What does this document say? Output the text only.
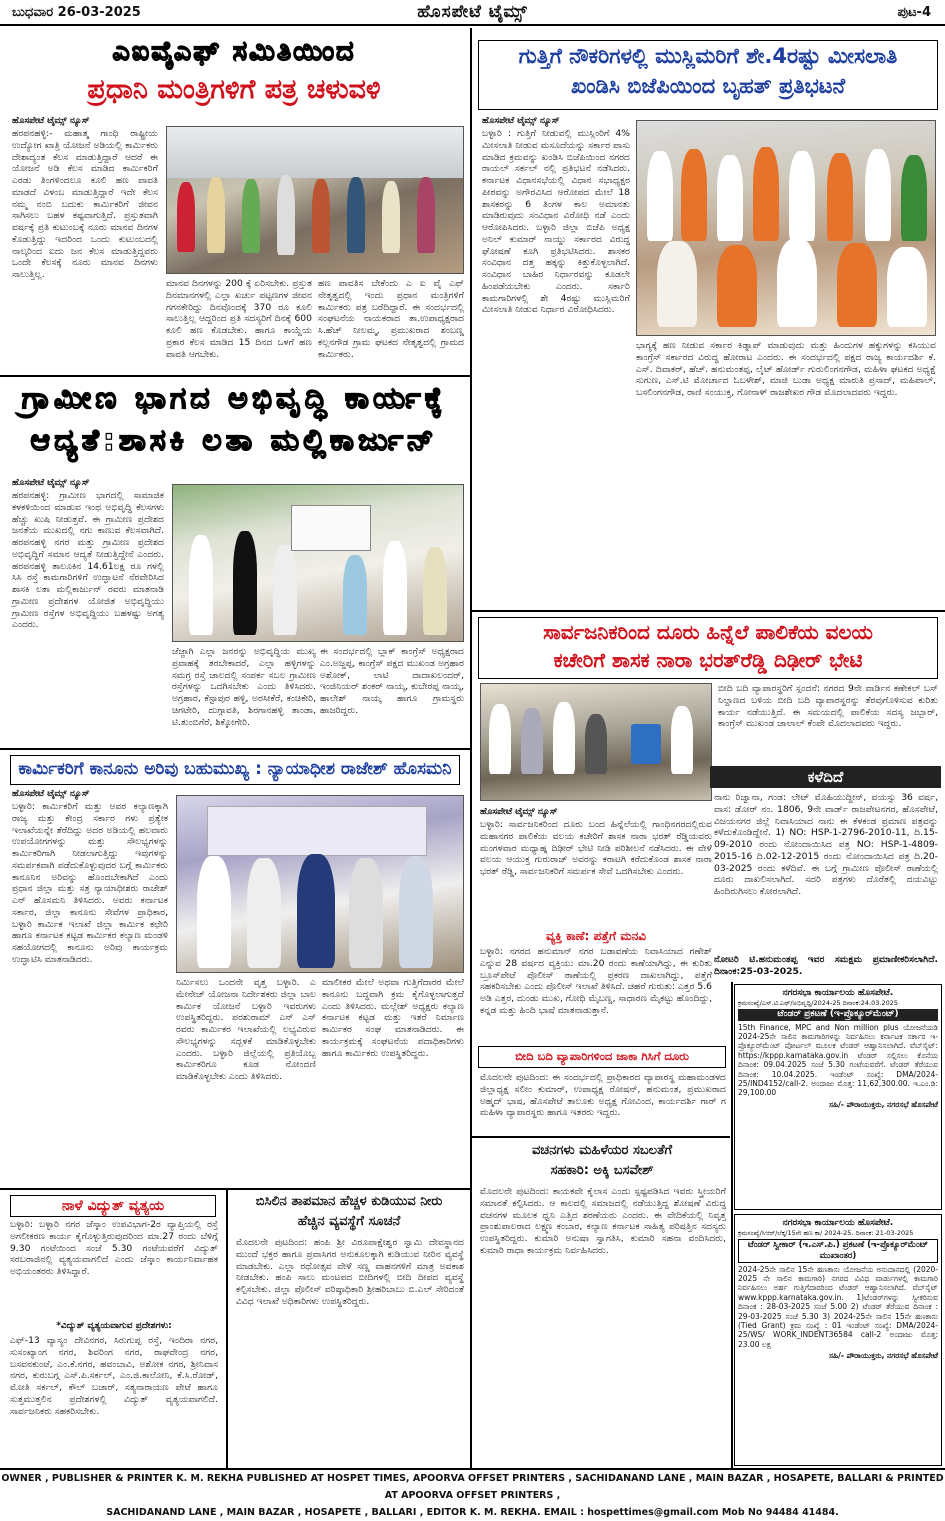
ಬುಧವಾರ 26-03-2025	ಹೊಸಪೇಟೆ ಟೈಮ್ಸ್	ಪುಟ-4
ಎಐವೈಎಫ್ ಸಮಿತಿಯಿಂದ
ಪ್ರಧಾನಿ ಮಂತ್ರಿಗಳಿಗೆ ಪತ್ರ ಚಳುವಳಿ
ಹೊಸಪೇಟೆ ಟೈಮ್ಸ್ ನ್ಯೂಸ್
ಹರಪನಹಳ್ಳಿ:- ಮಹಾತ್ಮ ಗಾಂಧಿ ರಾಷ್ಟ್ರೀಯ ಉದ್ಯೋಗ ಖಾತ್ರಿ ಯೋಜನೆ ಅಡಿಯಲ್ಲಿ ಕಾರ್ಮಿಕರು ದೇಶಾದ್ಯಂತ ಕೆಲಸ ಮಾಡುತ್ತಿದ್ದಾರೆ ಆದರೆ ಈ ಯೋಜನೆ ಅಡಿ ಕೆಲಸ ಮಾಡಿದ ಕಾರ್ಮಿಕರಿಗೆ ಎರಡು ತಿಂಗಳಿಂದಲೂ ಕೂಲಿ ಹಣ ಪಾವತಿ ಮಾಡದೆ ವಿಳಂಬ ಮಾಡುತ್ತಿದ್ದಾರೆ ಇದೇ ಕೆಲಸ ನಮ್ಮ ನಂಬಿ ಬದುಕು ಕಾರ್ಮಿಕರಿಗೆ ಜೀವನ ಸಾಗಿಸಲು ಬಹಳ ಕಷ್ಟವಾಗುತ್ತಿದೆ. ಪ್ರಸ್ತುತವಾಗಿ ವರ್ಷಕ್ಕೆ ಪ್ರತಿ ಕುಟುಂಬಕ್ಕೆ ನೂರು ಮಾನವ ದಿನಗಳ ಕೊಡುತ್ತಿದ್ದು ಇದರಿಂದ ಒಂದು ಕುಟುಂಬದಲ್ಲಿ ನಾಲ್ಕರಿಂದ ಐದು ಜನ ಕೆಲಸ ಮಾಡುತ್ತಿದ್ದವರು ಒಂದೇ ಕೆಲಸಕ್ಕೆ ನೂರು ಮಾನವ ದಿನಗಳು ಸಾಲುತ್ತಿಲ್ಲ.
ಮಾನವ ದಿನಗಳನ್ನು 200 ಕ್ಕೆ ಏರಿಸಬೇಕು. ಪ್ರಸ್ತುತ ದಿನಮಾನಗಳಲ್ಲಿ ಎಲ್ಲಾ ಖರ್ಚು ಪಟ್ಟಣಗಳ ಜೀವನ ಗಗನಕೇರಿದ್ದು ದಿನವೊಂದಕ್ಕೆ 370 ರೂ ಕೂಲಿ ಸಾಲುತ್ತಿಲ್ಲ ಆದ್ದರಿಂದ ಪ್ರತಿ ಸದಸ್ಯರಿಗೆ ದಿನಕ್ಕೆ 600 ಕೂಲಿ ಹಣ ಕೊಡಬೇಕು. ಹಾಗೂ ಕಾಯ್ದೆಯ ಪ್ರಕಾರ ಕೆಲಸ ಮಾಡಿದ 15 ದಿನದ ಒಳಗೆ ಹಣ ಪಾವತಿ ಆಗಬೇಕು.
ಹಣ ಪಾವತಿಸ ಬೇಕೆಂದು ಎ ಐ ವೈ ಎಫ್ ನೇತೃತ್ವದಲ್ಲಿ ಇಂದು ಪ್ರಧಾನ ಮಂತ್ರಿಗಳಿಗೆ ಕಾರ್ಮಿಕರು ಪತ್ರ ಬರೆದಿದ್ದಾರೆ. ಈ ಸಂದರ್ಭದಲ್ಲಿ ಸಂಘಟನೆಯ ನಾಯಕರಾದ ತಾ.ಉಪಾಧ್ಯಕ್ಷರಾದ ಸಿ.ಹೆಚ್ ನೀಲಮ್ಮ, ಪ್ರಮುಖರಾದ ಶಂಬಣ್ಣ ಕಲ್ಲನಗೌಡ ಗ್ರಾಮ ಘಟಕದ ನೇತೃತ್ವದಲ್ಲಿ ಗ್ರಾಮದ ಕಾರ್ಮಿಕರು.
ಗ್ರಾಮೀಣ ಭಾಗದ ಅಭಿವೃದ್ಧಿ ಕಾರ್ಯಕ್ಕೆ
ಆದ್ಯತೆ:ಶಾಸಕಿ ಲತಾ ಮಲ್ಲಿಕಾರ್ಜುನ್
ಹೊಸಪೇಟೆ ಟೈಮ್ಸ್ ನ್ಯೂಸ್
ಹರಪನಹಳ್ಳಿ: ಗ್ರಾಮೀಣ ಭಾಗದಲ್ಲಿ ಸಾಮಾಜಿಕ ಕಳಕಳಿಯಿಂದ ಮಾಡುವ ಇಂಥ ಅಭಿವೃದ್ಧಿ ಕೆಲಸಗಳು ಹೆಚ್ಚು ಖುಷಿ ನೀಡುತ್ತವೆ. ಈ ಗ್ರಾಮೀಣ ಪ್ರದೇಶದ ಜನತೆಯ ಮುಖದಲ್ಲಿ ನಗು ಕಾಣುವ ಕೆಲಸವಾಗಿದೆ. ಹರಪನಹಳ್ಳಿ ನಗರ ಮತ್ತು ಗ್ರಾಮೀಣ ಪ್ರದೇಶದ ಅಭಿವೃದ್ಧಿಗೆ ಸಮಾನ ಆದ್ಯತೆ ನೀಡುತ್ತಿದ್ದೇನೆ ಎಂದರು. ಹರಪನಹಳ್ಳಿ ತಾಲೂಕಿನ 14.61ಲಕ್ಷ ರೂ ಗಳಲ್ಲಿ ಸಿಸಿ ರಸ್ತೆ ಕಾಮಗಾರಿಗಳಿಗೆ ಉದ್ಘಾಟನೆ ನೆರವೇರಿಸಿದ ಶಾಸಕಿ ಲತಾ ಮಲ್ಲಿಕಾರ್ಜುನ್ ರವರು ಮಾತನಾಡಿ ಗ್ರಾಮೀಣ ಪ್ರದೇಶಗಳ ಯೋಜಿತ ಅಭಿವೃದ್ಧಿಯು ಗ್ರಾಮೀಣ ರಸ್ತೆಗಳ ಅಭಿವೃದ್ಧಿಯು ಬಹಳಷ್ಟು ಅಗತ್ಯ ಎಂದರು.
ಜೆಜ್ಜಾಗಿ ಎಲ್ಲಾ ಜನರನ್ನು ಅಭಿವೃದ್ಧಿಯ ಮುಖ್ಯ ಪ್ರವಾಹಕ್ಕೆ ತರಬೇಕಾದರೆ, ಎಲ್ಲಾ ಹಳ್ಳಿಗಳನ್ನು ಸಮಗ್ರ ರಸ್ತೆ ಜಾಲದಲ್ಲಿ ಸಂಪರ್ಕ ಸಬಲ ಗ್ರಾಮೀಣ ರಸ್ತೆಗಳನ್ನು ಒದಗಿಸಬೇಕು ಎಂದು ತಿಳಿಸಿದರು. ಅಗ್ರಹಾರ, ಕೆಸ್ಟಾಪುರ ಹಳ್ಳಿ, ಅರಸೀಕೆರೆ, ಕಂಚಿಕೇರಿ, ಚಿಗಟೇರಿ, ದುಗ್ಗಾವತಿ, ಶಿರಗಾನಹಳ್ಳಿ ತಾಂಡಾ, ಟಿ.ತುಂಬಿಗೆರೆ, ಶಿಕ್ಕೋಗೇರಿ.
ಈ ಸಂದರ್ಭದಲ್ಲಿ ಬ್ಲಾಕ್ ಕಾಂಗ್ರೆಸ್ ಅಧ್ಯಕ್ಷರಾದ ಎಂ.ಅಜ್ಜಪ್ಪ, ಕಾಂಗ್ರೆಸ್ ಪಕ್ಷದ ಮುಖಂಡ ಅಗ್ರಹಾರ ಅಶೋಕ್, ಲಾಟಿ ದಾದಾಖಲಂದರ್, ಇಂಜಿನಿಯರ್ ಶಂಕರ್ ನಾಯ್ಕ, ಕುಬೇರಪ್ಪ ನಾಯ್ಕ, ಹಾಲೇಶ್ ನಾಯ್ಕ ಹಾಗೂ ಗ್ರಾಮಸ್ಥರು ಹಾಜರಿದ್ದರು.
ಕಾರ್ಮಿಕರಿಗೆ ಕಾನೂನು ಅರಿವು ಬಹುಮುಖ್ಯ : ನ್ಯಾಯಾಧೀಶ ರಾಜೇಶ್ ಹೊಸಮನಿ
ಹೊಸಪೇಟೆ ಟೈಮ್ಸ್ ನ್ಯೂಸ್
ಬಳ್ಳಾರಿ: ಕಾರ್ಮಿಕರಿಗೆ ಮತ್ತು ಅವರ ಕಲ್ಯಾಣಕ್ಕಾಗಿ ರಾಜ್ಯ ಮತ್ತು ಕೇಂದ್ರ ಸರ್ಕಾರ ಗಳು ಪ್ರತ್ಯೇಕ ಇಲಾಖೆಯನ್ನೇ ತೆರೆದಿದ್ದು ಅದರ ಅಡಿಯಲ್ಲಿ ಹಲವಾರು ಉಪಯೋಗಗಳನ್ನು ಮತ್ತು ಸೌಲಭ್ಯಗಳನ್ನು ಕಾರ್ಮಿಕರಿಗಾಗಿ ನೀಡಲಾಗುತ್ತಿದ್ದು ಇವುಗಳನ್ನು ಸಮರ್ಪಕವಾಗಿ ಪಡೆದುಕೊಳ್ಳುವುದರ ಬಗ್ಗೆ ಕಾರ್ಮಿಕರು ಕಾನೂನಿನ ಅರಿವನ್ನು ಹೊಂದಬೇಕಾಗಿದೆ ಎಂದು ಪ್ರಧಾನ ಜಿಲ್ಲಾ ಮತ್ತು ಸತ್ರ ನ್ಯಾಯಾಧೀಶರು ರಾಜೇಶ್ ಎನ್ ಹೊಸಮನಿ ತಿಳಿಸಿದರು. ಅವರು ಕರ್ನಾಟಕ ಸರ್ಕಾರ, ಜಿಲ್ಲಾ ಕಾನೂನು ಸೇವೆಗಳ ಪ್ರಾಧಿಕಾರ, ಬಳ್ಳಾರಿ ಕಾರ್ಮಿಕ ಇಲಾಖೆ ಜಿಲ್ಲಾ ಕಾರ್ಮಿಕ ಕಛೇರಿ ಹಾಗೂ ಕರ್ನಾಟಕ ಕಟ್ಟಡ ಕಾರ್ಮಿಕರ ಕಲ್ಯಾಣ ಮಂಡಳಿ ಸಹಯೋಗದಲ್ಲಿ ಕಾನೂನು ಅರಿವು ಕಾರ್ಯಕ್ರಮ ಉದ್ಘಾಟಿಸಿ ಮಾತನಾಡಿದರು.
ನಿರ್ಮಿಸಲು ಒಂದನೇ ವೃತ್ತ ಬಳ್ಳಾರಿ. ಎ ಮೇನೇಜ್ ಯೋಜನಾ ನಿರ್ದೇಶಕರು ಜಿಲ್ಲಾ ಬಾಲ ಕಾರ್ಮಿಕ ಯೋಜನೆ ಬಳ್ಳಾರಿ ಇವರುಗಳು ಉಪಸ್ಥಿತರಿದ್ದರು. ಪರಶುರಾಮ್ ಎನ್ ಎಸ್ ರವರು ಕಾರ್ಮಿಕರ ಇಲಾಖೆಯಲ್ಲಿ ಲಭ್ಯವಿರುವ ಸೌಲಭ್ಯಗಳನ್ನು ಸದ್ಬಳಕೆ ಮಾಡಿಕೊಳ್ಳಬೇಕು ಎಂದರು. ಬಳ್ಳಾರಿ ಜಿಲ್ಲೆಯಲ್ಲಿ ಪ್ರತಿಯೊಬ್ಬ ಕಾರ್ಮಿಕರಿಗೂ ಕೂಡ ನೋಂದಣಿ ಮಾಡಿಕೊಳ್ಳಬೇಕು ಎಂದು ತಿಳಿಸಿದರು.
ಮಾಲೀಕರ ಮೇಲೆ ಅಥವಾ ಗುತ್ತಿಗೆದಾರರ ಮೇಲೆ ಕಾನೂನು ಬದ್ಧವಾಗಿ ಕ್ರಮ ಕೈಗೊಳ್ಳಲಾಗುತ್ತದೆ ಎಂದು ತಿಳಿಸಿದರು. ಮಲ್ಲೇಶ್ ಅಧ್ಯಕ್ಷರು ಕಲ್ಯಾಣ ಕರ್ನಾಟಕ ಕಟ್ಟಡ ಮತ್ತು ಇತರೆ ನಿರ್ಮಾಣ ಕಾರ್ಮಿಕರ ಸಂಘ ಮಾತನಾಡಿದರು. ಈ ಕಾರ್ಯಕ್ರಮಕ್ಕೆ ಸಂಘಟನೆಯ ಪದಾಧಿಕಾರಿಗಳು ಹಾಗೂ ಕಾರ್ಮಿಕರು ಉಪಸ್ಥಿತರಿದ್ದರು.
ನಾಳೆ ವಿದ್ಯುತ್ ವ್ಯತ್ಯಯ
ಬಳ್ಳಾರಿ: ಬಳ್ಳಾರಿ ನಗರ ಜೆಸ್ಕಾಂ ಉಪವಿಭಾಗ-2ರ ವ್ಯಾಪ್ತಿಯಲ್ಲಿ ರಸ್ತೆ ಅಗಲೀಕರಣ ಕಾರ್ಯ ಕೈಗೊಳ್ಳುತ್ತಿರುವುದರಿಂದ ಮಾ.27 ರಂದು ಬೆಳಿಗ್ಗೆ 9.30 ಗಂಟೆಯಿಂದ ಸಂಜೆ 5.30 ಗಂಟೆಯವರೆಗೆ ವಿದ್ಯುತ್ ಸರಬರಾಜಿನಲ್ಲಿ ವ್ಯತ್ಯಯವಾಗಲಿದೆ ಎಂದು ಜೆಸ್ಕಾಂ ಕಾರ್ಯನಿರ್ವಾಹಕ ಅಭಿಯಂತರರು ತಿಳಿಸಿದ್ದಾರೆ.
*ವಿದ್ಯುತ್ ವ್ಯತ್ಯಯವಾಗುವ ಪ್ರದೇಶಗಳು:
ಎಫ್-13 ವ್ಯಾಸ್ಯಂ ದೇವಿನಗರ, ಸಿರುಗುಪ್ಪ ರಸ್ತೆ, ಇಂದಿರಾ ನಗರ, ಸುಸಂಖ್ಯಾಂಗ ನಗರ, ಶಿವರಿಂಗ ನಗರ, ರಾಘವೇಂದ್ರ ನಗರ, ಬಸವನಕುಂಟೆ, ಎಂ.ಕೆ.ನಗರ, ಹವಂಬಾವಿ, ಅಶೋಕ ನಗರ, ಶ್ರೀನಿವಾಸ ನಗರ, ಕುರುಬಗ್ಗ ಎಸ್.ಪಿ.ಸರ್ಕಲ್, ಎಂ.ಜಿ.ಕಾಲೋನಿ, ಕೆ.ಸಿ.ರೋಡ್, ಮೋತಿ ಸರ್ಕಲ್, ಕೌಲ್ ಬಜಾರ್, ಸತ್ಯನಾರಾಯಣ ಪೇಟೆ ಹಾಗೂ ಸುತ್ತಮುತ್ತಲಿನ ಪ್ರದೇಶಗಳಲ್ಲಿ ವಿದ್ಯುತ್ ವ್ಯತ್ಯಯವಾಗಲಿದೆ. ಸಾರ್ವಜನಿಕರು ಸಹಕರಿಸಬೇಕು.
ಬಿಸಿಲಿನ ತಾಪಮಾನ ಹೆಚ್ಚಳ ಕುಡಿಯುವ ನೀರು
ಹೆಚ್ಚಿನ ವ್ಯವಸ್ಥೆಗೆ ಸೂಚನೆ
ಮೊದಲನೇ ಪುಟದಿಂದ: ಹಂಪಿ ಶ್ರೀ ವಿರೂಪಾಕ್ಷೇಶ್ವರ ಸ್ವಾಮಿ ದೇವಸ್ಥಾನದ ಮುಂದೆ ಭಕ್ತರ ಹಾಗೂ ಪ್ರವಾಸಿಗರ ಅನುಕೂಲಕ್ಕಾಗಿ ಕುಡಿಯುವ ನೀರಿನ ವ್ಯವಸ್ಥೆ ಮಾಡಬೇಕು. ಎಲ್ಲಾ ರಥೋತ್ಸವ ವೇಳೆ ಸಣ್ಣ ವಾಹನಗಳಿಗೆ ಮಾತ್ರ ಅವಕಾಶ ನೀಡಬೇಕು. ಹಂಪಿ ಸಾಲು ಮಂಟಪದ ಬೀದಿಗಳಲ್ಲಿ ಬೀದಿ ದೀಪದ ವ್ಯವಸ್ಥೆ ಕಲ್ಪಿಸಬೇಕು. ಜಿಲ್ಲಾ ಪೊಲೀಸ್ ವರಿಷ್ಠಾಧಿಕಾರಿ ಶ್ರೀಹರಿಬಾಬು ಬಿ.ಎಲ್ ಸೇರಿದಂತೆ ವಿವಿಧ ಇಲಾಖೆ ಅಧಿಕಾರಿಗಳು ಉಪಸ್ಥಿತರಿದ್ದರು.
ಗುತ್ತಿಗೆ ನೌಕರಿಗಳಲ್ಲಿ ಮುಸ್ಲಿಮರಿಗೆ ಶೇ.4ರಷ್ಟು ಮೀಸಲಾತಿ
ಖಂಡಿಸಿ ಬಿಜೆಪಿಯಿಂದ ಬೃಹತ್ ಪ್ರತಿಭಟನೆ
ಹೊಸಪೇಟೆ ಟೈಮ್ಸ್ ನ್ಯೂಸ್
ಬಳ್ಳಾರಿ : ಗುತ್ತಿಗೆ ನೀಡುವಲ್ಲಿ ಮುಸ್ಲಿಂರಿಗೆ 4% ಮೀಸಲಾತಿ ನೀಡುವ ಮಸೂದೆಯನ್ನು ಸರ್ಕಾರ ಪಾಸು ಮಾಡಿದ ಕ್ರಮವನ್ನು ಖಂಡಿಸಿ ಬಿಜೆಪಿಯಿಂದ ನಗರದ ರಾಯಲ್ ಸರ್ಕಲ್ ನಲ್ಲಿ ಪ್ರತಿಭಟನೆ ನಡೆಸಿದರು. ಕರ್ನಾಟಕ ವಿಧಾನಸಭೆಯಲ್ಲಿ ವಿಧಾನ ಸಭಾಧ್ಯಕ್ಷರ ಪೀಠವನ್ನು ಅಗೌರವಿಸಿದ ಆರೋಪದ ಮೇಲೆ 18 ಶಾಸಕರನ್ನು 6 ತಿಂಗಳ ಕಾಲ ಅಮಾನತು ಮಾಡಿರುವುದು ಸಂವಿಧಾನ ವಿರೋಧಿ ನಡೆ ಎಂದು ಆರೋಪಿಸಿದರು. ಬಳ್ಳಾರಿ ಜಿಲ್ಲಾ ಬಿಜೆಪಿ ಅಧ್ಯಕ್ಷ ಅನಿಲ್ ಕುಮಾರ್ ನಾಯ್ಡು ಸರ್ಕಾರದ ವಿರುದ್ಧ ಘೋಷಣೆ ಕೂಗಿ ಪ್ರತಿಭಟಿಸಿದರು. ಶಾಸಕರ ಸಂವಿಧಾನ ದತ್ತ ಹಕ್ಕನ್ನು ಕಿತ್ತುಕೊಳ್ಳಲಾಗಿದೆ. ಸಂವಿಧಾನ ಬಾಹಿರ ನಿರ್ಧಾರವನ್ನು ಕೂಡಲೇ ಹಿಂಪಡೆಯಬೇಕು ಎಂದರು. ಸರ್ಕಾರಿ ಕಾಮಗಾರಿಗಳಲ್ಲಿ ಶೇ 4ರಷ್ಟು ಮುಸ್ಲಿಮರಿಗೆ ಮೀಸಲಾತಿ ನೀಡುವ ನಿರ್ಧಾರ ವಿರೋಧಿಸಿದರು.
ಭಾಗ್ಯಕ್ಕೆ ಹಣ ನೀಡುವ ಸರ್ಕಾರ ಕಿಡ್ನಾಪ್ ಮಾಡುವುದು ಮತ್ತು ಹಿಂದುಗಳ ಹಕ್ಕುಗಳನ್ನು ಕಸಿಯುವ ಕಾಂಗ್ರೆಸ್ ಸರ್ಕಾರದ ವಿರುದ್ಧ ಹೋರಾಟ ಎಂದರು. ಈ ಸಂದರ್ಭದಲ್ಲಿ ಪಕ್ಷದ ರಾಜ್ಯ ಕಾರ್ಯದರ್ಶಿ ಕೆ. ಎಸ್. ದಿವಾಕರ್, ಹೆಚ್. ಹನುಮಂತಪ್ಪ, ಲೈಟ್ ಹೋರ್ಡ್ ಗುರುಲಿಂಗನಗೌಡ, ಮಹಿಳಾ ಘಟಕದ ಅಧ್ಯಕ್ಷೆ ಸುಗುಣ, ಎಸ್.ಟಿ ಮೋರ್ಚಾದ ಓಬಳೇಶ್, ಮಾಜಿ ಬುಡಾ ಅಧ್ಯಕ್ಷ ಮಾರುತಿ ಪ್ರಸಾದ್, ಮಹಿಪಾಲ್, ಬಸಲಿಂಗನಗೌಡ, ರಾಣಿ ಸಂಯುಕ್ತ, ಗೋನಾಳ್ ರಾಜಶೇಖರ ಗೌಡ ಮೊದಲಾದವರು ಇದ್ದರು.
ಸಾರ್ವಜನಿಕರಿಂದ ದೂರು ಹಿನ್ನೆಲೆ ಪಾಲಿಕೆಯ ವಲಯ
ಕಚೇರಿಗೆ ಶಾಸಕ ನಾರಾ ಭರತ್‌ರೆಡ್ಡಿ ದಿಢೀರ್ ಭೇಟಿ
ಹೊಸಪೇಟೆ ಟೈಮ್ಸ್ ನ್ಯೂಸ್
ಬಳ್ಳಾರಿ: ಸಾರ್ವಜನಿಕರಿಂದ ದೂರು ಬಂದ ಹಿನ್ನೆಲೆಯಲ್ಲಿ ಗಾಂಧಿನಗರದಲ್ಲಿರುವ ಮಹಾನಗರ ಪಾಲಿಕೆಯ ವಲಯ ಕಚೇರಿಗೆ ಶಾಸಕ ನಾರಾ ಭರತ್ ರೆಡ್ಡಿಯವರು ಮಂಗಳವಾರ ಮಧ್ಯಾಹ್ನ ದಿಢೀರ್ ಭೇಟಿ ನೀಡಿ ಪರಿಶೀಲನೆ ನಡೆಸಿದರು. ಈ ವೇಳೆ ವಲಯ ಆಯುಕ್ತ ಗುರುರಾಜ್ ಅವರನ್ನು ಕರಾಟಗಿ ಕರೆದುಕೊಂಡ ಶಾಸಕ ನಾರಾ ಭರತ್ ರೆಡ್ಡಿ, ಸಾರ್ವಜನಿಕರಿಗೆ ಸಮರ್ಪಕ ಸೇವೆ ಒದಗಿಸಬೇಕು ಎಂದರು.
ಬೀದಿ ಬದಿ ವ್ಯಾಪಾರಸ್ಥರಿಗೆ ಸ್ಪಂದನೆ: ನಗರದ 9ನೇ ವಾರ್ಡಿನ ಕಣೇಕಲ್ ಬಸ್ ನಿಲ್ದಾಣದ ಬಳಿಯ ಬೀದಿ ಬದಿ ವ್ಯಾಪಾರಸ್ಥರನ್ನು ತೆರವುಗೊಳಿಸುವ ಕುರಿತು ಕಾರ್ಯ ನಡೆಯುತ್ತಿದೆ. ಈ ಸಮಯದಲ್ಲಿ ಪಾಲಿಕೆಯ ಸದಸ್ಯ ಜಬ್ಬಾರ್, ಕಾಂಗ್ರೆಸ್ ಮುಖಂಡ ಜಾಲಾಲ್ ಕೆಂಪೇ ಮೊದಲಾದವರು ಇದ್ದರು.
ವ್ಯಕ್ತಿ ಕಾಣೆ: ಪತ್ತೆಗೆ ಮನವಿ
ಬಳ್ಳಾರಿ: ನಗರದ ಹನುಮಾನ್ ನಗರ ಬಡಾವಣೆಯ ನಿವಾಸಿಯಾದ ಗಣೇಶ್ ಎನ್ನುವ 28 ವರ್ಷದ ವ್ಯಕ್ತಿಯು ಮಾ.20 ರಂದು ಕಾಣೆಯಾಗಿದ್ದು, ಈ ಕುರಿತು ಬ್ರೂಸ್‌ಪೇಟೆ ಪೊಲೀಸ್ ಠಾಣೆಯಲ್ಲಿ ಪ್ರಕರಣ ದಾಖಲಾಗಿದ್ದು, ಪತ್ತೆಗೆ ಸಹಕರಿಸಬೇಕು ಎಂದು ಪೊಲೀಸ್ ಇಲಾಖೆ ತಿಳಿಸಿದೆ. ಚಹರೆ ಗುರುತು: ಎತ್ತರ 5.6 ಅಡಿ ಎತ್ತರ, ದುಂಡು ಮುಖ, ಗೋಧಿ ಮೈಬಣ್ಣ, ಸಾಧಾರಣ ಮೈಕಟ್ಟು ಹೊಂದಿದ್ದು, ಕನ್ನಡ ಮತ್ತು ಹಿಂದಿ ಭಾಷೆ ಮಾತನಾಡುತ್ತಾನೆ.
ಕಳೆದಿದೆ
ನಾನು ರಿಜ್ವಾನಾ, ಗಂಡ: ಲೇಟ್ ಮೊಹಿಯುದ್ದೀನ್, ವಯಸ್ಸು 36 ವರ್ಷ, ವಾಸ: ಡೋರ್ ನಂ. 1806, 9ನೇ ವಾರ್ಡ್ ರಾಜಪೇಟನಗರ, ಹೊಸಪೇಟೆ, ವಿಜಯನಗರ ಜಿಲ್ಲೆ ನಿವಾಸಿಯಾದ ನಾನು ಈ ಕೆಳಕಂಡ ಪ್ರಮಾಣ ಪತ್ರವನ್ನು ಕಳೆದುಕೊಂಡಿದ್ದೇನೆ. 1) NO: HSP-1-2796-2010-11, ದಿ.15-09-2010 ರಂದು ನೋಂದಾಯಿಸಿದ ಪತ್ರ NO: HSP-1-4809-2015-16 ದಿ.02-12-2015 ರಂದು ನೋಂದಾಯಿಸಿದ ಪತ್ರ ದಿ.20-03-2025 ರಂದು ಕಳೆದಿವೆ. ಈ ಬಗ್ಗೆ ಗ್ರಾಮೀಣ ಪೊಲೀಸ್ ಠಾಣೆಯಲ್ಲಿ ದೂರು ದಾಖಲಿಸಲಾಗಿದೆ. ಸದರಿ ಪತ್ರಗಳು ದೊರೆತಲ್ಲಿ ದಯವಿಟ್ಟು ಹಿಂದಿರುಗಿಸಲು ಕೋರಲಾಗಿದೆ.
ನೋಟರಿ ಟಿ.ಹನುಮಂತಪ್ಪ ಇವರ ಸಮಕ್ಷಮ ಪ್ರಮಾಣೀಕರಿಸಲಾಗಿದೆ. ದಿನಾಂಕ:25-03-2025.
ಬೀದಿ ಬದಿ ವ್ಯಾಪಾರಿಗಳಿಂದ ಜಾಕಾ ಗಿಸಿಗೆ ದೂರು
ಮೊದಲನೇ ಪುಟದಿಂದ: ಈ ಸಂದರ್ಭದಲ್ಲಿ ಪ್ರಾಧಿಕಾರದ ವ್ಯಾಪಾರಸ್ಥ ಮಹಾಮಂಡಳದ ಜಿಲ್ಲಾಧ್ಯಕ್ಷ ಸಲೀಂ ಕುಮಾರ್, ಉಪಾಧ್ಯಕ್ಷ ರೋಷನ್, ಹನುಮಂತ, ಪ್ರಮುಖರಾದ ಅಹ್ಮದ್ ಭಾಷ, ಹೊಸಪೇಟೆ ತಾಲೂಕು ಅಧ್ಯಕ್ಷ ಗೋವಿಂದ, ಕಾರ್ಯದರ್ಶಿ ಗಾರ್ ಗ ಮಹಿಳಾ ವ್ಯಾಪಾರಸ್ಥರು ಹಾಗೂ ಇತರರು ಇದ್ದರು.
ವಚನಗಳು ಮಹಿಳೆಯರ ಸಬಲತೆಗೆ
ಸಹಕಾರಿ: ಅಕ್ಕಿ ಬಸವೇಶ್
ಮೊದಲನೇ ಪುಟದಿಂದ: ಕಾಯಕವೇ ಕೈಲಾಸ ಎಂದು ಸ್ಪಷ್ಟಪಡಿಸಿದ ಇವರು ಸ್ತ್ರೀಯರಿಗೆ ಸಮಾನತೆ ಕಲ್ಪಿಸಿದರು. ಆ ಕಾಲದಲ್ಲಿ ಸಮಾಜದಲ್ಲಿ ನಡೆಯುತ್ತಿದ್ದ ಶೋಷಣೆ ವಿರುದ್ಧ ವಚನಗಳ ಮೂಲಕ ಧ್ವನಿ ಎತ್ತಿದ ಶರಣೆಯರು ಎಂದರು. ಈ ವೇದಿಕೆಯಲ್ಲಿ ನಿವೃತ್ತ ಪ್ರಾಂಶುಪಾಲರಾದ ಲಕ್ಷ್ಮಣ ಕಂಬಾರ, ಕಲ್ಯಾಣ ಕರ್ನಾಟಕ ಸಾಹಿತ್ಯ ಪರಿಷತ್ತಿನ ಸದಸ್ಯರು ಉಪಸ್ಥಿತರಿದ್ದರು. ಕುಮಾರಿ ಅನುಷಾ ಸ್ವಾಗತಿಸಿ, ಕುಮಾರಿ ಸಹನಾ ವಂದಿಸಿದರು, ಕುಮಾರಿ ರಾಧಾ ಕಾರ್ಯಕ್ರಮ ನಿರ್ವಹಿಸಿದರು.
ನಗರಸಭಾ ಕಾರ್ಯಾಲಯ ಹೊಸಪೇಟೆ.
ಕ್ರಮಸಂಖ್ಯೆ/ಎಸ್.ಟಿ.ಎಫ್/ಅಭಿವೃದ್ಧಿ/2024-25 ದಿನಾಂಕ:24.03.2025
ಟೆಂಡರ್ ಪ್ರಕಟಣೆ (ಇ-ಪ್ರೊಕ್ಯೂರ್‌ಮೆಂಟ್)
15th Finance, MPC and Non million plus ಯೋಜನೆಯಡಿ 2024-25ನೇ ಸಾಲಿನ ಕಾಮಗಾರಿಗಳನ್ನು ನಿರ್ವಹಿಸಲು ಕರ್ನಾಟಕ ಸರ್ಕಾರ ಇ-ಪ್ರೊಕ್ಯೂರ್‌ಮೆಂಟ್ ಪೋರ್ಟಲ್ ಮೂಲಕ ಟೆಂಡರ್ ಆಹ್ವಾನಿಸಲಾಗಿದೆ. ವೆಬ್‌ಸೈಟ್: https://kppp.karnataka.gov.in ಟೆಂಡರ್ ಸಲ್ಲಿಸಲು ಕೊನೆಯ ದಿನಾಂಕ: 09.04.2025 ಸಂಜೆ 5.30 ಗಂಟೆಯವರೆಗೆ. ಟೆಂಡರ್ ತೆರೆಯುವ ದಿನಾಂಕ: 10.04.2025. ಇಂಡೆಂಟ್ ಸಂಖ್ಯೆ: DMA/2024-25/IND4152/call-2. ಅಂದಾಜು ಮೊತ್ತ: 11,62,300.00. ಇ.ಎಂ.ಡಿ: 29,100.00
ಸಹಿ/- ಪೌರಾಯುಕ್ತರು, ನಗರಸಭೆ ಹೊಸಪೇಟೆ
ನಗರಸಭಾ ಕಾರ್ಯಾಲಯ ಹೊಸಪೇಟೆ.
ಕ್ರಮಸಂಖ್ಯೆ/ಸಿಆರ್/ಲೆಕ್ಕ/15ನೇ ಹಣ ಕಾ/ 2024-25. ದಿನಾಂಕ: 21-03-2025
ಟೆಂಡರ್ ಸ್ವೀಕಾರ್ (ಇ.ಎಸ್.ಪಿ.) ಪ್ರಕಟಣೆ (ಇ-ಪ್ರೊಕ್ಯೂರ್‌ಮೆಂಟ್ ಮುಖಾಂತರ)
2024-25ನೇ ಸಾಲಿನ 15ನೇ ಹಣಕಾಸು ಯೋಜನೆಯ ಅನುದಾನದಲ್ಲಿ (2020-2025 ನೇ ಸಾಲಿನ ಕಾಮಗಾರಿ) ನಗರದ ವಿವಿಧ ವಾರ್ಡುಗಳಲ್ಲಿ ಕಾಮಗಾರಿ ನಿರ್ವಹಿಸಲು ಅರ್ಹ ಗುತ್ತಿಗೆದಾರರಿಂದ ಟೆಂಡರ್ ಆಹ್ವಾನಿಸಲಾಗಿದೆ. ವೆಬ್‌ಸೈಟ್ www.kppp.karnataka.gov.in. 1)ಟೆಂಡರ್‌ಗಳನ್ನು ಸ್ವೀಕರಿಸುವ ದಿನಾಂಕ : 28-03-2025 ಸಂಜೆ 5.00 2) ಟೆಂಡರ್ ತೆರೆಯುವ ದಿನಾಂಕ : 29-03-2025 ಸಂಜೆ 5.30 3) 2024-25ನೇ ಸಾಲಿನ 15ನೇ ಹಣಕಾಸು (Tied Grant) ಕ್ರಮ ಸಂಖ್ಯೆ : 01 ಇಂಡೆಂಟ್ ಸಂಖ್ಯೆ: DMA/2024-25/WS/ WORK_INDENT36584 call-2 ಅಂದಾಜು ಮೊತ್ತ: 23.00 ಲಕ್ಷ
ಸಹಿ/- ಪೌರಾಯುಕ್ತರು, ನಗರಸಭೆ ಹೊಸಪೇಟೆ
OWNER , PUBLISHER & PRINTER K. M. REKHA PUBLISHED AT HOSPET TIMES, APOORVA OFFSET PRINTERS , SACHIDANAND LANE , MAIN BAZAR , HOSAPETE, BALLARI & PRINTED AT APOORVA OFFSET PRINTERS ,
SACHIDANAND LANE , MAIN BAZAR , HOSAPETE , BALLARI , EDITOR K. M. REKHA. EMAIL : hospettimes@gmail.com Mob No 94484 41484.
